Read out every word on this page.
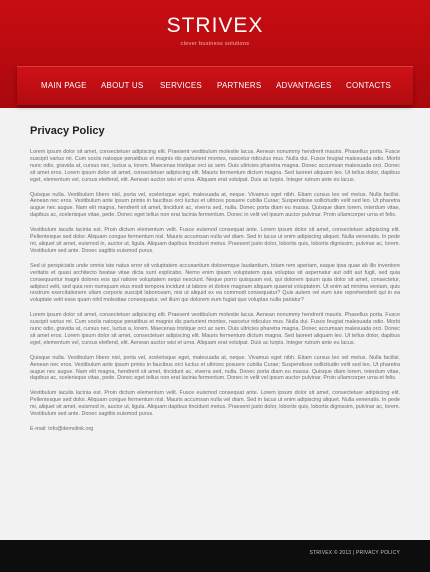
STRIVEX
clever business solutions
MAIN PAGE ABOUT US SERVICES PARTNERS ADVANTAGES CONTACTS
Privacy Policy

Lorem ipsum dolor sit amet, consectetuer adipiscing elit. Praesent vestibulum molestie lacus. Aenean nonummy hendrerit mauris. Phasellus porta. Fusce suscipit varius mi. Cum sociis natoque penatibus et magnis dis parturient montes, nascetur ridiculus mus. Nulla dui. Fusce feugiat malesuada odio. Morbi nunc odio, gravida at, cursus nec, luctus a, lorem. Maecenas tristique orci ac sem. Duis ultricies pharetra magna. Donec accumsan malesuada orci. Donec sit amet eros. Lorem ipsum dolor sit amet, consectetuer adipiscing elit. Mauris fermentum dictum magna. Sed laoreet aliquam leo. Ut tellus dolor, dapibus eget, elementum vel, cursus eleifend, elit. Aenean auctor wisi et urna. Aliquam erat volutpat. Duis ac turpis. Integer rutrum ante eu lacus.

Quisque nulla. Vestibulum libero nisl, porta vel, scelerisque eget, malesuada at, neque. Vivamus eget nibh. Etiam cursus leo vel metus. Nulla facilisi. Aenean nec eros. Vestibulum ante ipsum primis in faucibus orci luctus et ultrices posuere cubilia Curae; Suspendisse sollicitudin velit sed leo. Ut pharetra augue nec augue. Nam elit magna, hendrerit sit amet, tincidunt ac, viverra sed, nulla. Donec porta diam eu massa. Quisque diam lorem, interdum vitae, dapibus ac, scelerisque vitae, pede. Donec eget tellus non erat lacinia fermentum. Donec in velit vel ipsum auctor pulvinar. Proin ullamcorper urna et felis.

Vestibulum iaculis lacinia est. Proin dictum elementum velit. Fusce euismod consequat ante. Lorem ipsum dolor sit amet, consectetuer adipiscing elit. Pellentesque sed dolor. Aliquam congue fermentum nisl. Mauris accumsan nulla vel diam. Sed in lacus ut enim adipiscing aliquet. Nulla venenatis. In pede mi, aliquet sit amet, euismod in, auctor ut, ligula. Aliquam dapibus tincidunt metus. Praesent justo dolor, lobortis quis, lobortis dignissim, pulvinar ac, lorem. Vestibulum sed ante. Donec sagittis euismod purus.

Sed ut perspiciatis unde omnis iste natus error sit voluptatem accusantium doloremque laudantium, totam rem aperiam, eaque ipsa quae ab illo inventore veritatis et quasi architecto beatae vitae dicta sunt explicabo. Nemo enim ipsam voluptatem quia voluptas sit aspernatur aut odit aut fugit, sed quia consequuntur magni dolores eos qui ratione voluptatem sequi nesciunt. Neque porro quisquam est, qui dolorem ipsum quia dolor sit amet, consectetur, adipisci velit, sed quia non numquam eius modi tempora incidunt ut labore et dolore magnam aliquam quaerat voluptatem. Ut enim ad minima veniam, quis nostrum exercitationem ullam corporis suscipit laboriosam, nisi ut aliquid ex ea commodi consequatur? Quis autem vel eum iure reprehenderit qui in ea voluptate velit esse quam nihil molestiae consequatur, vel illum qui dolorem eum fugiat quo voluptas nulla pariatur?

Lorem ipsum dolor sit amet, consectetuer adipiscing elit. Praesent vestibulum molestie lacus. Aenean nonummy hendrerit mauris. Phasellus porta. Fusce suscipit varius mi. Cum sociis natoque penatibus et magnis dis parturient montes, nascetur ridiculus mus. Nulla dui. Fusce feugiat malesuada odio. Morbi nunc odio, gravida at, cursus nec, luctus a, lorem. Maecenas tristique orci ac sem. Duis ultricies pharetra magna. Donec accumsan malesuada orci. Donec sit amet eros. Lorem ipsum dolor sit amet, consectetuer adipiscing elit. Mauris fermentum dictum magna. Sed laoreet aliquam leo. Ut tellus dolor, dapibus eget, elementum vel, cursus eleifend, elit. Aenean auctor wisi et urna. Aliquam erat volutpat. Duis ac turpis. Integer rutrum ante eu lacus.

Quisque nulla. Vestibulum libero nisl, porta vel, scelerisque eget, malesuada at, neque. Vivamus eget nibh. Etiam cursus leo vel metus. Nulla facilisi. Aenean nec eros. Vestibulum ante ipsum primis in faucibus orci luctus et ultrices posuere cubilia Curae; Suspendisse sollicitudin velit sed leo. Ut pharetra augue nec augue. Nam elit magna, hendrerit sit amet, tincidunt ac, viverra sed, nulla. Donec porta diam eu massa. Quisque diam lorem, interdum vitae, dapibus ac, scelerisque vitae, pede. Donec eget tellus non erat lacinia fermentum. Donec in velit vel ipsum auctor pulvinar. Proin ullamcorper urna et felis.

Vestibulum iaculis lacinia est. Proin dictum elementum velit. Fusce euismod consequat ante. Lorem ipsum dolor sit amet, consectetuer adipiscing elit. Pellentesque sed dolor. Aliquam congue fermentum nisl. Mauris accumsan nulla vel diam. Sed in lacus ut enim adipiscing aliquet. Nulla venenatis. In pede mi, aliquet sit amet, euismod in, auctor ut, ligula. Aliquam dapibus tincidunt metus. Praesent justo dolor, lobortis quis, lobortis dignissim, pulvinar ac, lorem. Vestibulum sed ante. Donec sagittis euismod purus.

E-mail: info@demolink.org

STRIVEX © 2013 | PRIVACY POLICY
